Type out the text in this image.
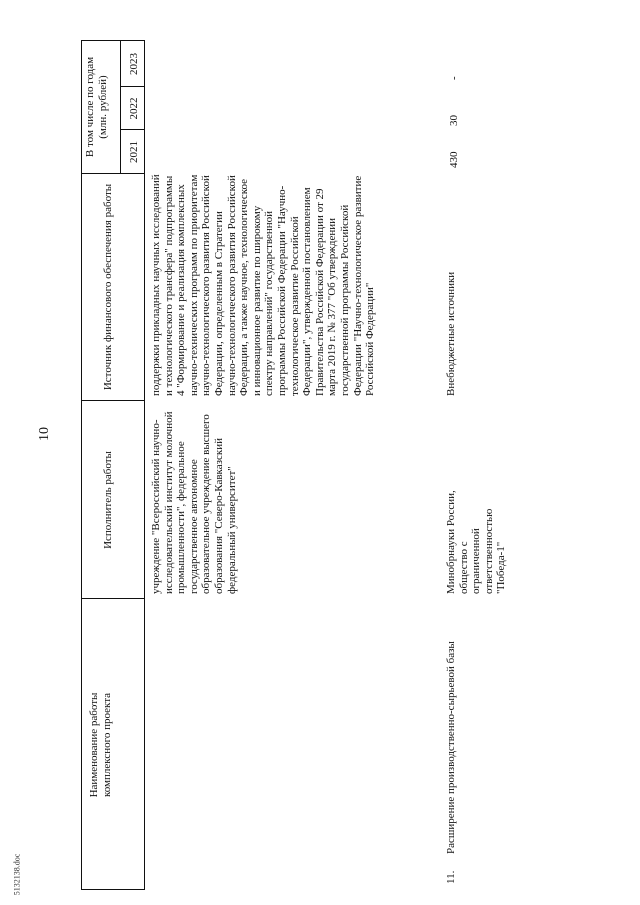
10
5132138.doc
Наименование работы комплексного проекта
Исполнитель работы
Источник финансового обеспечения работы
В том числе по годам (млн. рублей)
2021
2022
2023
учреждение "Всероссийский научно-исследовательский институт молочной промышленности", федеральное государственное автономное образовательное учреждение высшего образования "Северо-Кавказский федеральный университет"
поддержки прикладных научных исследований и технологического трансфера" подпрограммы 4 "Формирование и реализация комплексных научно-технических программ по приоритетам научно-технологического развития Российской Федерации, определенным в Стратегии научно-технологического развития Российской Федерации, а также научное, технологическое и инновационное развитие по широкому спектру направлений" государственной программы Российской Федерации "Научно-технологическое развитие Российской Федерации", утвержденной постановлением Правительства Российской Федерации от 29 марта 2019 г. № 377 "Об утверждении государственной программы Российской Федерации "Научно-технологическое развитие Российской Федерации"
11.
Расширение производственно-сырьевой базы
Минобрнауки России, общество с ограниченной ответственностью "Победа-1"
Внебюджетные источники
430
30
-
